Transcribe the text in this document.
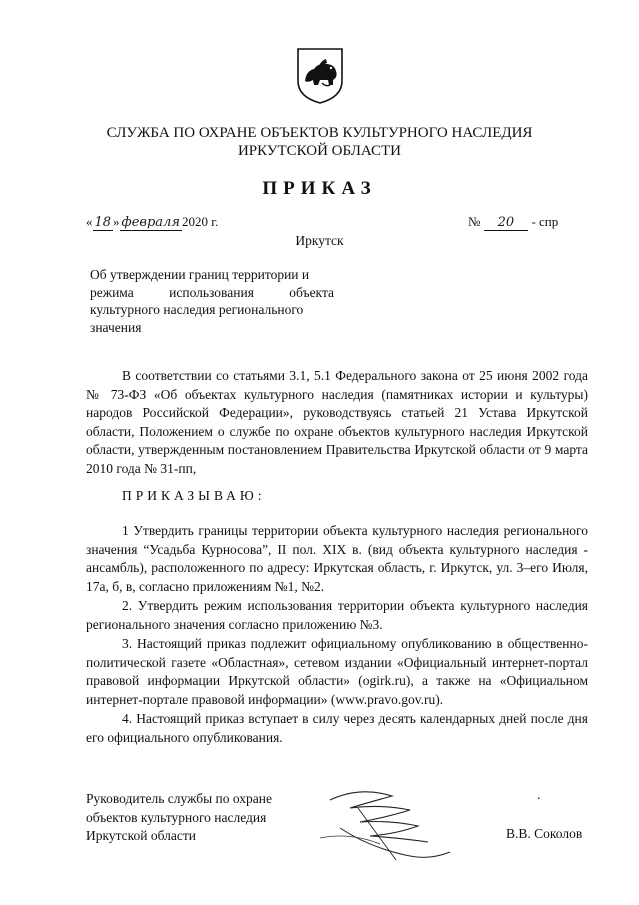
СЛУЖБА ПО ОХРАНЕ ОБЪЕКТОВ КУЛЬТУРНОГО НАСЛЕДИЯ
ИРКУТСКОЙ ОБЛАСТИ
ПРИКАЗ
« 18 » февраля 2020 г.	№ 20 - спр
Иркутск
Об утверждении границ территории и
режима использования объекта
культурного наследия регионального
значения
В соответствии со статьями 3.1, 5.1 Федерального закона от 25 июня 2002 года № 73-ФЗ «Об объектах культурного наследия (памятниках истории и культуры) народов Российской Федерации», руководствуясь статьей 21 Устава Иркутской области, Положением о службе по охране объектов культурного наследия Иркутской области, утвержденным постановлением Правительства Иркутской области от 9 марта 2010 года № 31-пп,
ПРИКАЗЫВАЮ:

1 Утвердить границы территории объекта культурного наследия регионального значения “Усадьба Курносова”, II пол. XIX в. (вид объекта культурного наследия - ансамбль), расположенного по адресу: Иркутская область, г. Иркутск, ул. 3–его Июля, 17а, б, в, согласно приложениям №1, №2.

2. Утвердить режим использования территории объекта культурного наследия регионального значения согласно приложению №3.

3. Настоящий приказ подлежит официальному опубликованию в общественно-политической газете «Областная», сетевом издании «Официальный интернет-портал правовой информации Иркутской области» (ogirk.ru), а также на «Официальном интернет-портале правовой информации» (www.pravo.gov.ru).

4. Настоящий приказ вступает в силу через десять календарных дней после дня его официального опубликования.

Руководитель службы по охране
объектов культурного наследия
Иркутской области
.
В.В. Соколов
